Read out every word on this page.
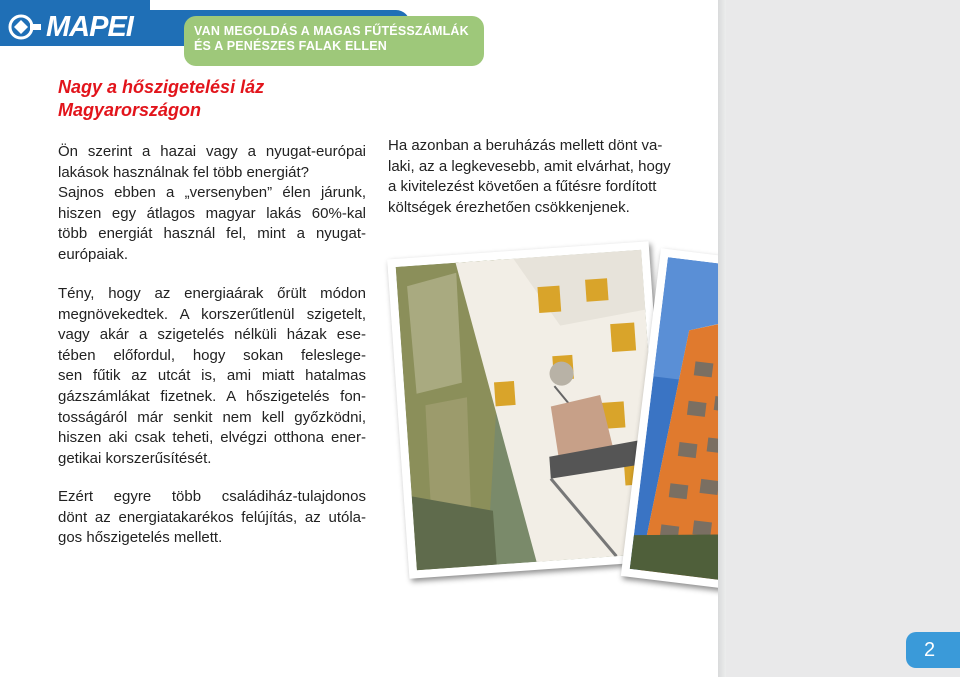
MAPEI	VAN MEGOLDÁS A MAGAS FŰTÉSSZÁMLÁK
ÉS A PENÉSZES FALAK ELLEN
Nagy a hőszigetelési láz
Magyarországon
Ön szerint a hazai vagy a nyugat-európai
lakások használnak fel több energiát?
Sajnos ebben a „versenyben” élen járunk,
hiszen egy átlagos magyar lakás 60%-kal
több energiát használ fel, mint a nyugat-
európaiak.
Tény, hogy az energiaárak őrült módon
megnövekedtek. A korszerűtlenül szigetelt,
vagy akár a szigetelés nélküli házak ese-
tében előfordul, hogy sokan feleslege-
sen fűtik az utcát is, ami miatt hatalmas
gázszámlákat fizetnek. A hőszigetelés fon-
tosságáról már senkit nem kell győzködni,
hiszen aki csak teheti, elvégzi otthona ener-
getikai korszerűsítését.
Ezért egyre több családiház-tulajdonos
dönt az energiatakarékos felújítás, az utóla-
gos hőszigetelés mellett.
Ha azonban a beruházás mellett dönt va-
laki, az a legkevesebb, amit elvárhat, hogy
a kivitelezést követően a fűtésre fordított
költségek érezhetően csökkenjenek.
2
